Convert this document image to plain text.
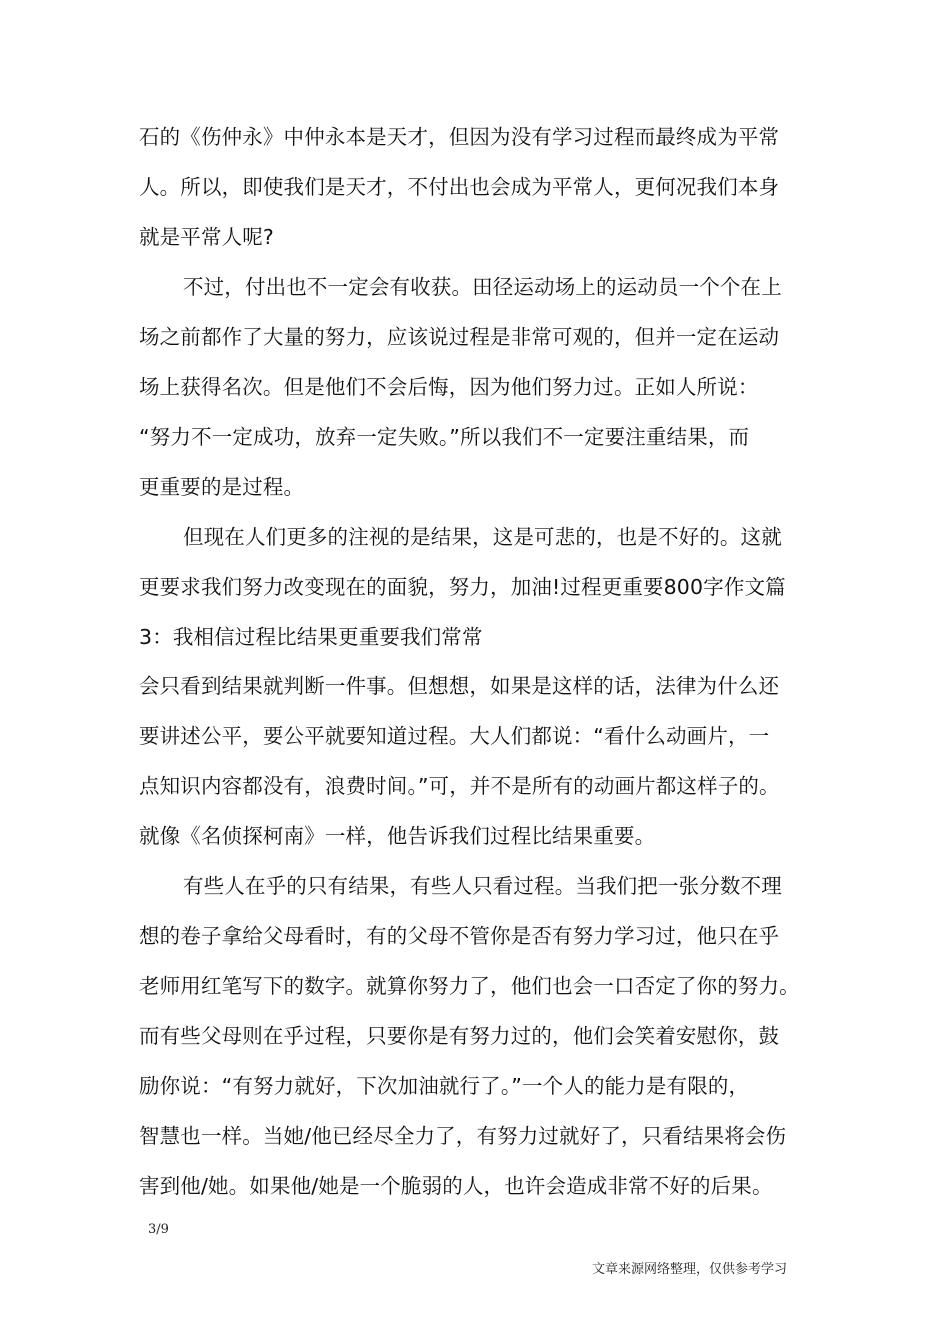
石的《伤仲永》中仲永本是天才，但因为没有学习过程而最终成为平常
人。所以，即使我们是天才，不付出也会成为平常人，更何况我们本身
就是平常人呢?
不过，付出也不一定会有收获。田径运动场上的运动员一个个在上
场之前都作了大量的努力，应该说过程是非常可观的，但并一定在运动
场上获得名次。但是他们不会后悔，因为他们努力过。正如人所说：
“努力不一定成功，放弃一定失败。”所以我们不一定要注重结果，而
更重要的是过程。
但现在人们更多的注视的是结果，这是可悲的，也是不好的。这就
更要求我们努力改变现在的面貌，努力，加油!过程更重要800字作文篇
3：我相信过程比结果更重要我们常常
会只看到结果就判断一件事。但想想，如果是这样的话，法律为什么还
要讲述公平，要公平就要知道过程。大人们都说：“看什么动画片，一
点知识内容都没有，浪费时间。”可，并不是所有的动画片都这样子的。
就像《名侦探柯南》一样，他告诉我们过程比结果重要。
有些人在乎的只有结果，有些人只看过程。当我们把一张分数不理
想的卷子拿给父母看时，有的父母不管你是否有努力学习过，他只在乎
老师用红笔写下的数字。就算你努力了，他们也会一口否定了你的努力。
而有些父母则在乎过程，只要你是有努力过的，他们会笑着安慰你，鼓
励你说：“有努力就好，下次加油就行了。”一个人的能力是有限的，
智慧也一样。当她/他已经尽全力了，有努力过就好了，只看结果将会伤
害到他/她。如果他/她是一个脆弱的人，也许会造成非常不好的后果。
3/9
文章来源网络整理，仅供参考学习
